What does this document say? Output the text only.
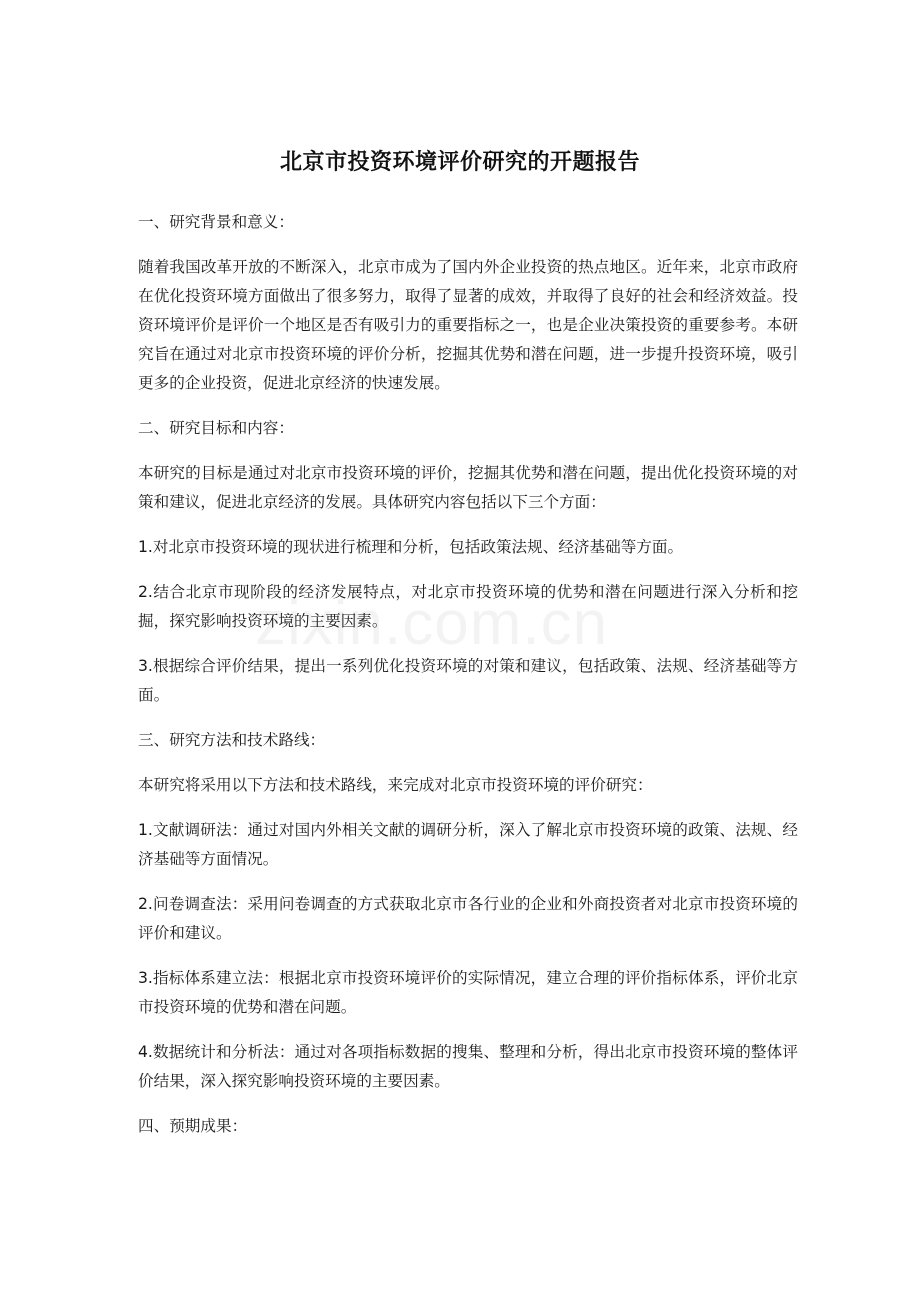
北京市投资环境评价研究的开题报告

一、研究背景和意义：

随着我国改革开放的不断深入，北京市成为了国内外企业投资的热点地区。近年来，北京市政府在优化投资环境方面做出了很多努力，取得了显著的成效，并取得了良好的社会和经济效益。投资环境评价是评价一个地区是否有吸引力的重要指标之一，也是企业决策投资的重要参考。本研究旨在通过对北京市投资环境的评价分析，挖掘其优势和潜在问题，进一步提升投资环境，吸引更多的企业投资，促进北京经济的快速发展。

二、研究目标和内容：

本研究的目标是通过对北京市投资环境的评价，挖掘其优势和潜在问题，提出优化投资环境的对策和建议，促进北京经济的发展。具体研究内容包括以下三个方面：

1.对北京市投资环境的现状进行梳理和分析，包括政策法规、经济基础等方面。

2.结合北京市现阶段的经济发展特点，对北京市投资环境的优势和潜在问题进行深入分析和挖掘，探究影响投资环境的主要因素。

3.根据综合评价结果，提出一系列优化投资环境的对策和建议，包括政策、法规、经济基础等方面。

三、研究方法和技术路线：

本研究将采用以下方法和技术路线，来完成对北京市投资环境的评价研究：

1.文献调研法：通过对国内外相关文献的调研分析，深入了解北京市投资环境的政策、法规、经济基础等方面情况。

2.问卷调查法：采用问卷调查的方式获取北京市各行业的企业和外商投资者对北京市投资环境的评价和建议。

3.指标体系建立法：根据北京市投资环境评价的实际情况，建立合理的评价指标体系，评价北京市投资环境的优势和潜在问题。

4.数据统计和分析法：通过对各项指标数据的搜集、整理和分析，得出北京市投资环境的整体评价结果，深入探究影响投资环境的主要因素。

四、预期成果：
